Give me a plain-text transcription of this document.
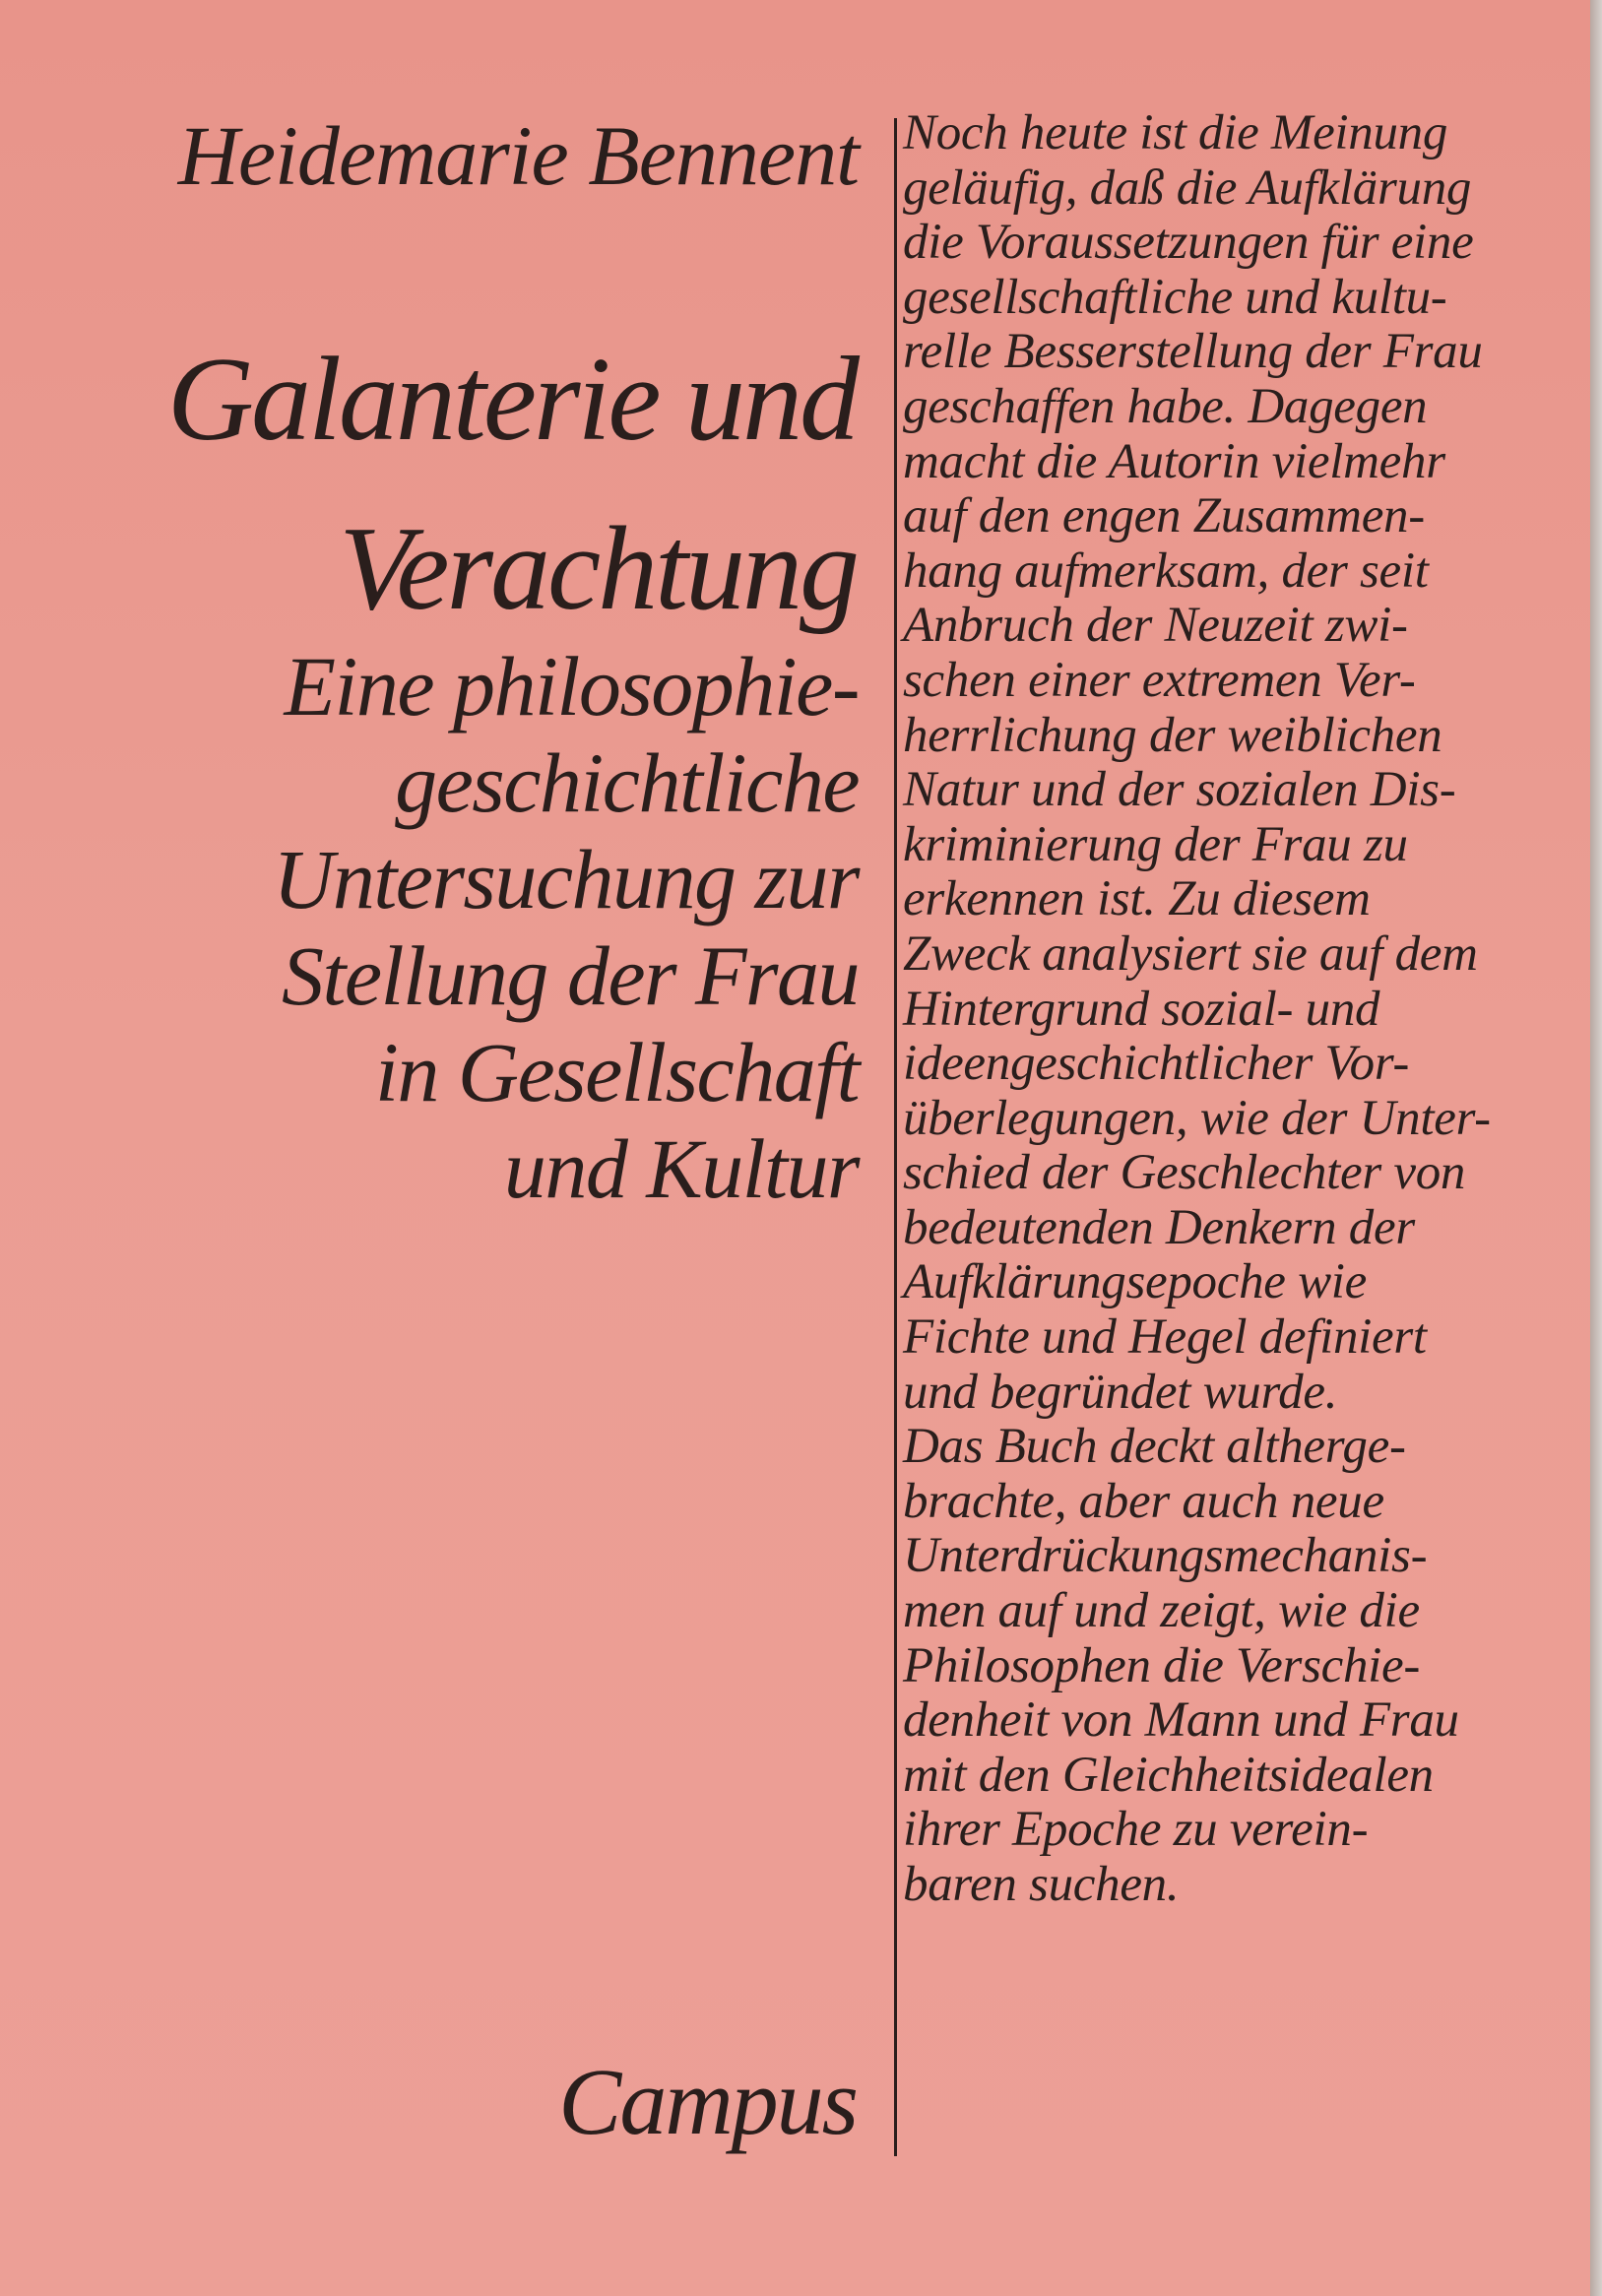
Heidemarie Bennent
Galanterie und
Verachtung
Eine philosophie-
geschichtliche
Untersuchung zur
Stellung der Frau
in Gesellschaft
und Kultur
Campus
Noch heute ist die Meinung
geläufig, daß die Aufklärung
die Voraussetzungen für eine
gesellschaftliche und kultu-
relle Besserstellung der Frau
geschaffen habe. Dagegen
macht die Autorin vielmehr
auf den engen Zusammen-
hang aufmerksam, der seit
Anbruch der Neuzeit zwi-
schen einer extremen Ver-
herrlichung der weiblichen
Natur und der sozialen Dis-
kriminierung der Frau zu
erkennen ist. Zu diesem
Zweck analysiert sie auf dem
Hintergrund sozial- und
ideengeschichtlicher Vor-
überlegungen, wie der Unter-
schied der Geschlechter von
bedeutenden Denkern der
Aufklärungsepoche wie
Fichte und Hegel definiert
und begründet wurde.
Das Buch deckt altherge-
brachte, aber auch neue
Unterdrückungsmechanis-
men auf und zeigt, wie die
Philosophen die Verschie-
denheit von Mann und Frau
mit den Gleichheitsidealen
ihrer Epoche zu verein-
baren suchen.
